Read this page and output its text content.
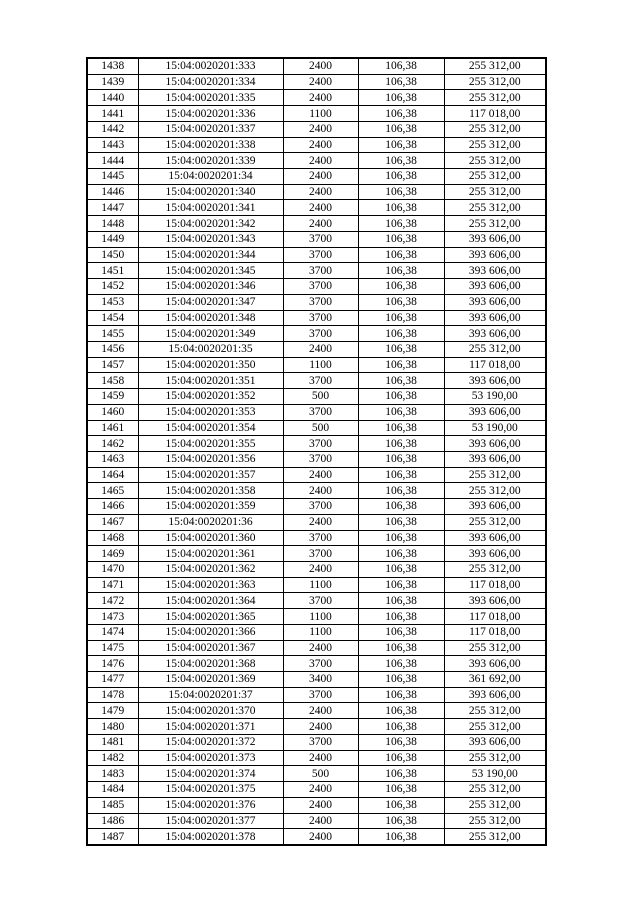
1438	15:04:0020201:333	2400	106,38	255 312,00
1439	15:04:0020201:334	2400	106,38	255 312,00
1440	15:04:0020201:335	2400	106,38	255 312,00
1441	15:04:0020201:336	1100	106,38	117 018,00
1442	15:04:0020201:337	2400	106,38	255 312,00
1443	15:04:0020201:338	2400	106,38	255 312,00
1444	15:04:0020201:339	2400	106,38	255 312,00
1445	15:04:0020201:34	2400	106,38	255 312,00
1446	15:04:0020201:340	2400	106,38	255 312,00
1447	15:04:0020201:341	2400	106,38	255 312,00
1448	15:04:0020201:342	2400	106,38	255 312,00
1449	15:04:0020201:343	3700	106,38	393 606,00
1450	15:04:0020201:344	3700	106,38	393 606,00
1451	15:04:0020201:345	3700	106,38	393 606,00
1452	15:04:0020201:346	3700	106,38	393 606,00
1453	15:04:0020201:347	3700	106,38	393 606,00
1454	15:04:0020201:348	3700	106,38	393 606,00
1455	15:04:0020201:349	3700	106,38	393 606,00
1456	15:04:0020201:35	2400	106,38	255 312,00
1457	15:04:0020201:350	1100	106,38	117 018,00
1458	15:04:0020201:351	3700	106,38	393 606,00
1459	15:04:0020201:352	500	106,38	53 190,00
1460	15:04:0020201:353	3700	106,38	393 606,00
1461	15:04:0020201:354	500	106,38	53 190,00
1462	15:04:0020201:355	3700	106,38	393 606,00
1463	15:04:0020201:356	3700	106,38	393 606,00
1464	15:04:0020201:357	2400	106,38	255 312,00
1465	15:04:0020201:358	2400	106,38	255 312,00
1466	15:04:0020201:359	3700	106,38	393 606,00
1467	15:04:0020201:36	2400	106,38	255 312,00
1468	15:04:0020201:360	3700	106,38	393 606,00
1469	15:04:0020201:361	3700	106,38	393 606,00
1470	15:04:0020201:362	2400	106,38	255 312,00
1471	15:04:0020201:363	1100	106,38	117 018,00
1472	15:04:0020201:364	3700	106,38	393 606,00
1473	15:04:0020201:365	1100	106,38	117 018,00
1474	15:04:0020201:366	1100	106,38	117 018,00
1475	15:04:0020201:367	2400	106,38	255 312,00
1476	15:04:0020201:368	3700	106,38	393 606,00
1477	15:04:0020201:369	3400	106,38	361 692,00
1478	15:04:0020201:37	3700	106,38	393 606,00
1479	15:04:0020201:370	2400	106,38	255 312,00
1480	15:04:0020201:371	2400	106,38	255 312,00
1481	15:04:0020201:372	3700	106,38	393 606,00
1482	15:04:0020201:373	2400	106,38	255 312,00
1483	15:04:0020201:374	500	106,38	53 190,00
1484	15:04:0020201:375	2400	106,38	255 312,00
1485	15:04:0020201:376	2400	106,38	255 312,00
1486	15:04:0020201:377	2400	106,38	255 312,00
1487	15:04:0020201:378	2400	106,38	255 312,00
